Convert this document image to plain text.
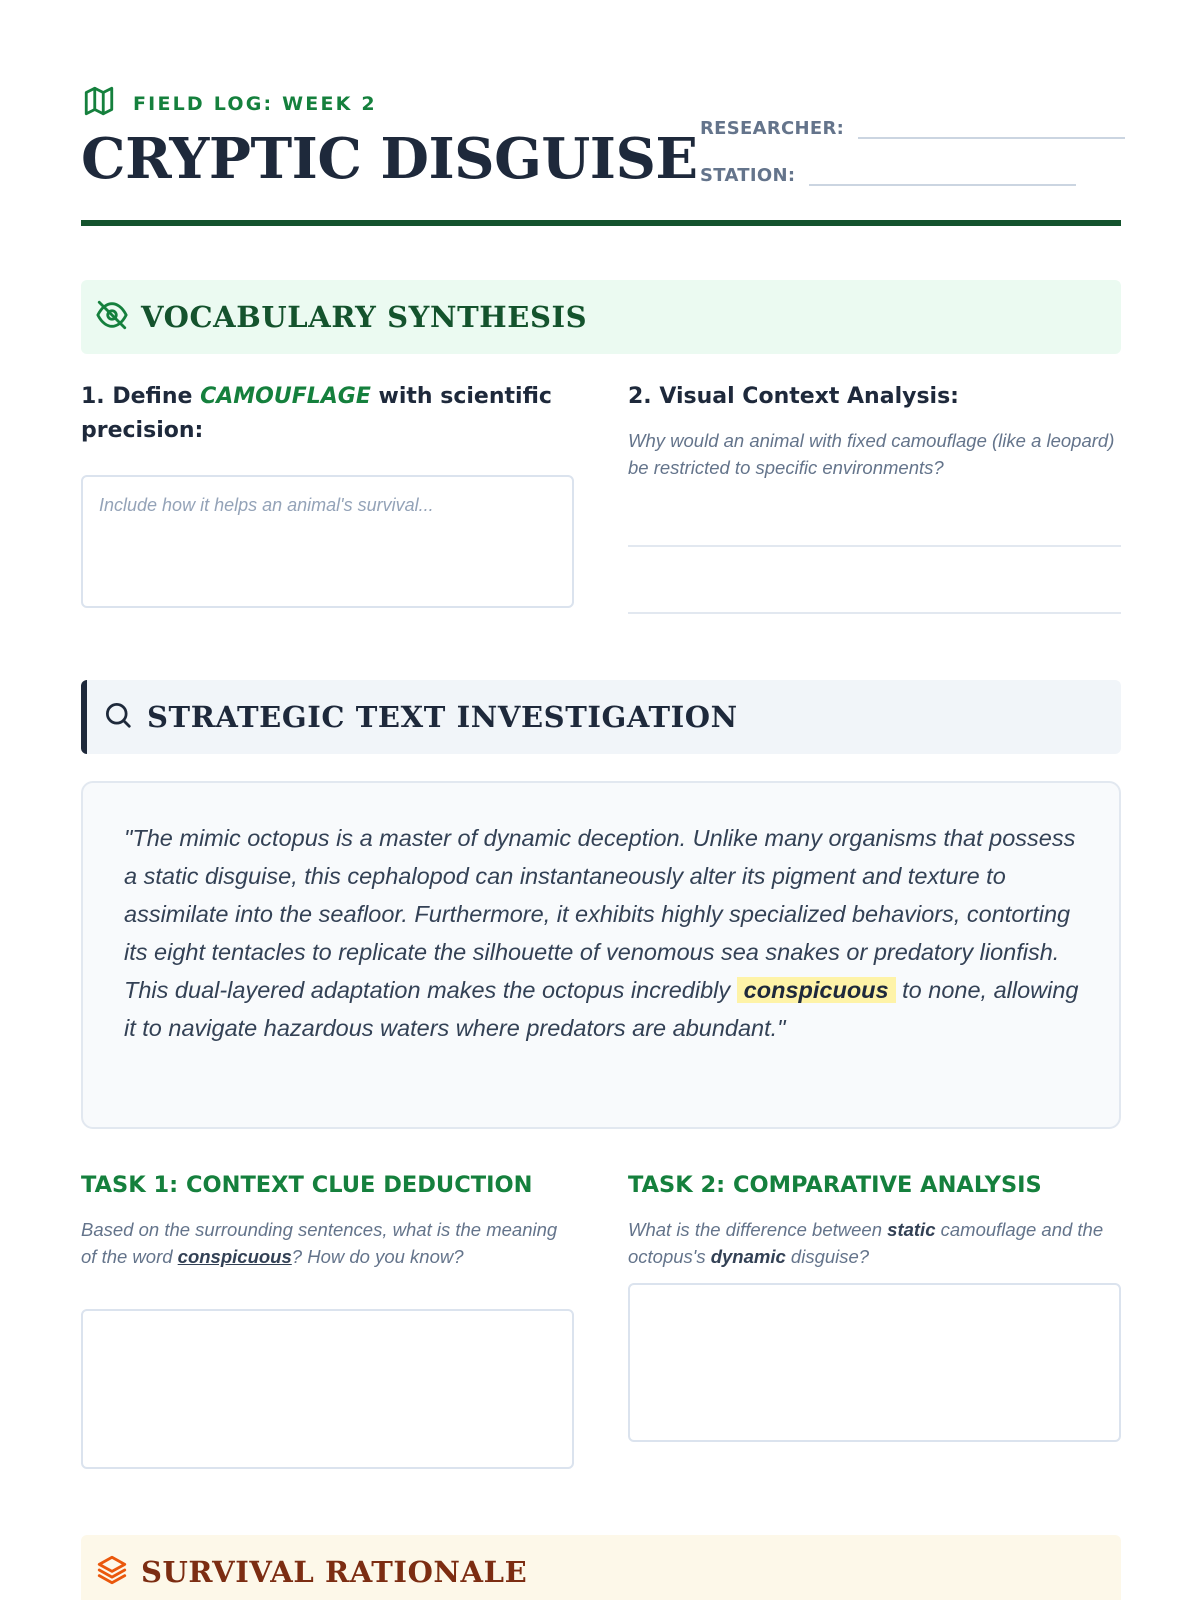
FIELD LOG: WEEK 2
CRYPTIC DISGUISE RESEARCHER:
STATION:
VOCABULARY SYNTHESIS
1. Define CAMOUFLAGE with scientific precision:
Include how it helps an animal's survival...
2. Visual Context Analysis:
Why would an animal with fixed camouflage (like a leopard) be restricted to specific environments?
STRATEGIC TEXT INVESTIGATION

"The mimic octopus is a master of dynamic deception. Unlike many organisms that possess a static disguise, this cephalopod can instantaneously alter its pigment and texture to assimilate into the seafloor. Furthermore, it exhibits highly specialized behaviors, contorting its eight tentacles to replicate the silhouette of venomous sea snakes or predatory lionfish. This dual-layered adaptation makes the octopus incredibly conspicuous to none, allowing it to navigate hazardous waters where predators are abundant."

TASK 1: CONTEXT CLUE DEDUCTION
Based on the surrounding sentences, what is the meaning of the word conspicuous? How do you know?
TASK 2: COMPARATIVE ANALYSIS
What is the difference between static camouflage and the octopus's dynamic disguise?
SURVIVAL RATIONALE
